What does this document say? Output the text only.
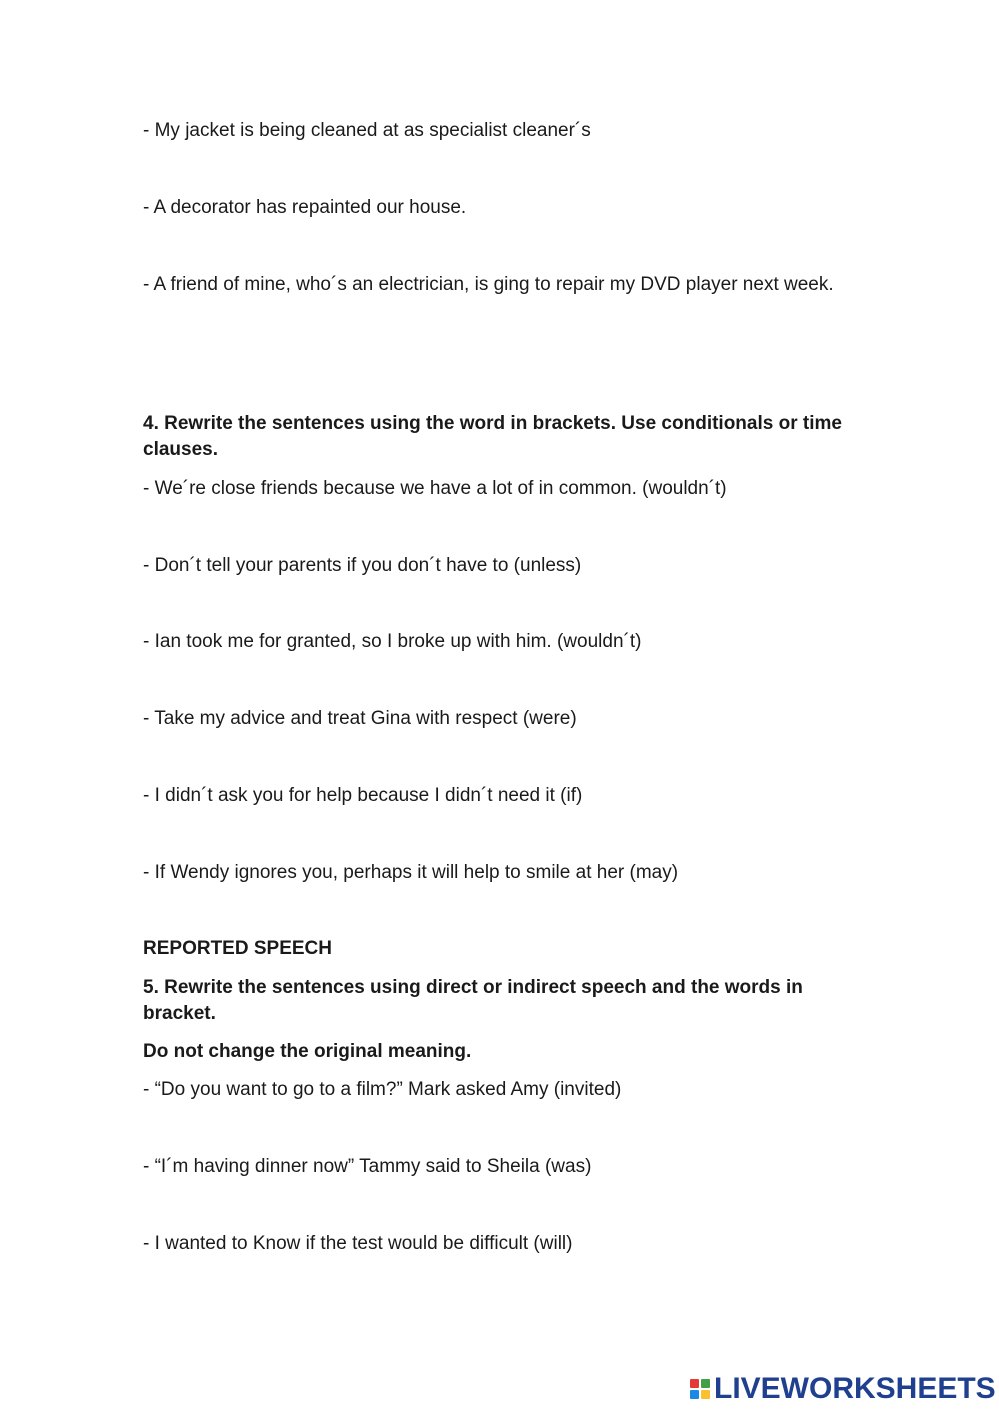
- My jacket is being cleaned at as specialist cleaner´s

- A decorator has repainted our house.

- A friend of mine, who´s an electrician, is ging to repair my DVD player next week.

4. Rewrite the sentences using the word in brackets. Use conditionals or time clauses.

- We´re close friends because we have a lot of in common. (wouldn´t)

- Don´t tell your parents if you don´t have to (unless)

- Ian took me for granted, so I broke up with him. (wouldn´t)

- Take my advice and treat Gina with respect (were)

- I didn´t ask you for help because I didn´t need it (if)

- If Wendy ignores you, perhaps it will help to smile at her (may)

REPORTED SPEECH

5. Rewrite the sentences using direct or indirect speech and the words in bracket.

Do not change the original meaning.

- “Do you want to go to a film?” Mark asked Amy (invited)

- “I´m having dinner now” Tammy said to Sheila (was)

- I wanted to Know if the test would be difficult (will)

LIVEWORKSHEETS
